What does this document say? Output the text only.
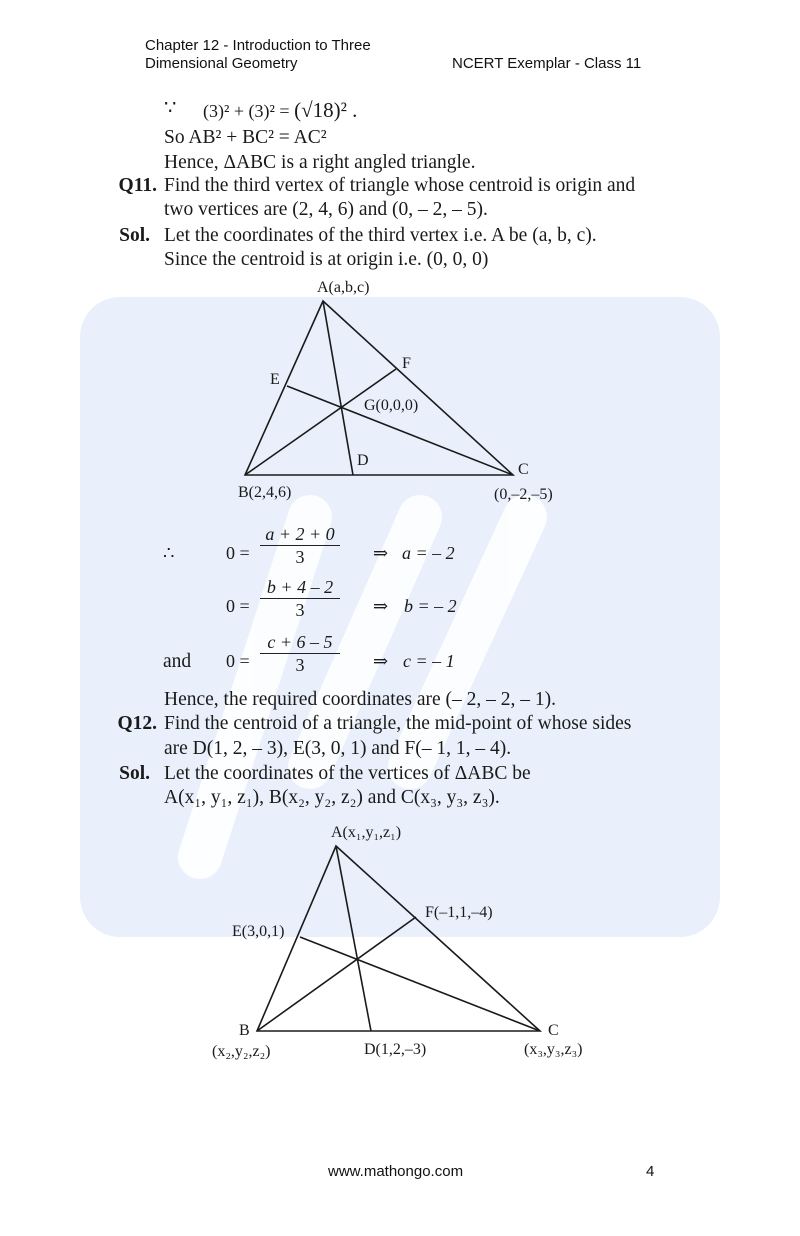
Chapter 12 - Introduction to Three
Dimensional Geometry	NCERT Exemplar - Class 11
∵ (3)² + (3)² = (√18)² .
So AB² + BC² = AC²
Hence, ΔABC is a right angled triangle.
Q11. Find the third vertex of triangle whose centroid is origin and
two vertices are (2, 4, 6) and (0, – 2, – 5).
Sol. Let the coordinates of the third vertex i.e. A be (a, b, c).
Since the centroid is at origin i.e. (0, 0, 0)
A(a,b,c)
E
F
G(0,0,0)
D
C
B(2,4,6)	(0,–2,–5)
∴	$0 = \frac{a + 2 + 0}{3}$ ⇒ a = – 2
$0 = \frac{b + 4 - 2}{3}$ ⇒ b = – 2
and $0 = \frac{c + 6 - 5}{3}$ ⇒ c = – 1
Hence, the required coordinates are (– 2, – 2, – 1).
Q12. Find the centroid of a triangle, the mid-point of whose sides
are D(1, 2, – 3), E(3, 0, 1) and F(– 1, 1, – 4).
Sol. Let the coordinates of the vertices of ΔABC be
A(x₁, y₁, z₁), B(x₂, y₂, z₂) and C(x₃, y₃, z₃).
A(x₁,y₁,z₁)
F(–1,1,–4)
E(3,0,1)
B	C
(x₂,y₂,z₂)	D(1,2,–3)	(x₃,y₃,z₃)
www.mathongo.com	4
